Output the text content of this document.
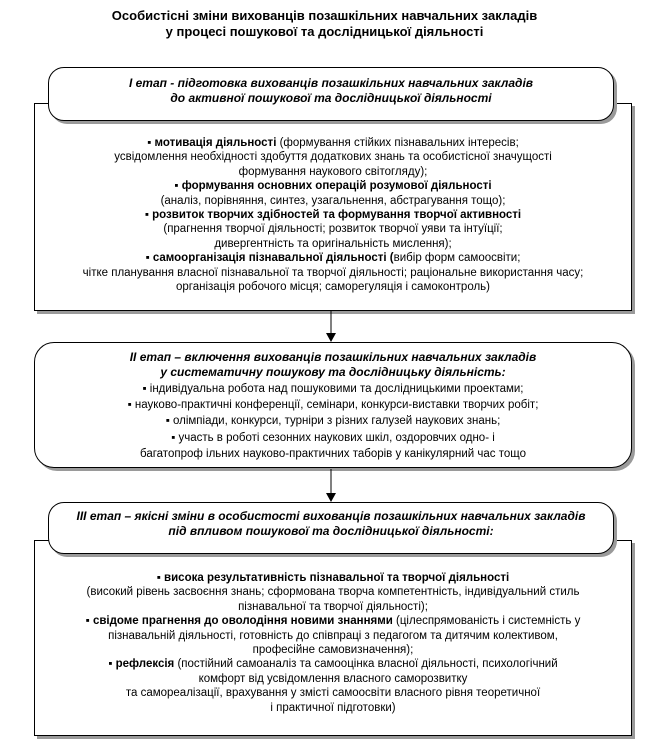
Особистісні зміни вихованців позашкільних навчальних закладів
у процесі пошукової та дослідницької діяльності
▪ мотивація діяльності (формування стійких пізнавальних інтересів;
усвідомлення необхідності здобуття додаткових знань та особистісної значущості
формування наукового світогляду);
▪ формування основних операцій розумової діяльності
(аналіз, порівняння, синтез, узагальнення, абстрагування тощо);
▪ розвиток творчих здібностей та формування творчої активності
(прагнення творчої діяльності; розвиток творчої уяви та інтуїції;
дивергентність та оригінальність мислення);
▪ самоорганізація пізнавальної діяльності (вибір форм самоосвіти;
чітке планування власної пізнавальної та творчої діяльності; раціональне використання часу;
організація робочого місця; саморегуляція і самоконтроль)
I етап - підготовка вихованців позашкільних навчальних закладів
до активної пошукової та дослідницької діяльності
II етап – включення вихованців позашкільних навчальних закладів
у систематичну пошукову та дослідницьку діяльність:
▪ індивідуальна робота над пошуковими та дослідницькими проектами;
▪ науково-практичні конференції, семінари, конкурси-виставки творчих робіт;
▪ олімпіади, конкурси, турніри з різних галузей наукових знань;
▪ участь в роботі сезонних наукових шкіл, оздоровчих одно- і
багатопроф ільних науково-практичних таборів у канікулярний час тощо
▪ висока результативність пізнавальної та творчої діяльності
(високий рівень засвоєння знань; сформована творча компетентність, індивідуальний стиль
пізнавальної та творчої діяльності);
▪ свідоме прагнення до оволодіння новими знаннями (цілеспрямованість і системність у
пізнавальній діяльності, готовність до співпраці з педагогом та дитячим колективом,
професійне самовизначення);
▪ рефлексія (постійний самоаналіз та самооцінка власної діяльності, психологічний
комфорт від усвідомлення власного саморозвитку
та самореалізації, врахування у змісті самоосвіти власного рівня теоретичної
і практичної підготовки)
III етап – якісні зміни в особистості вихованців позашкільних навчальних закладів
під впливом пошукової та дослідницької діяльності:
